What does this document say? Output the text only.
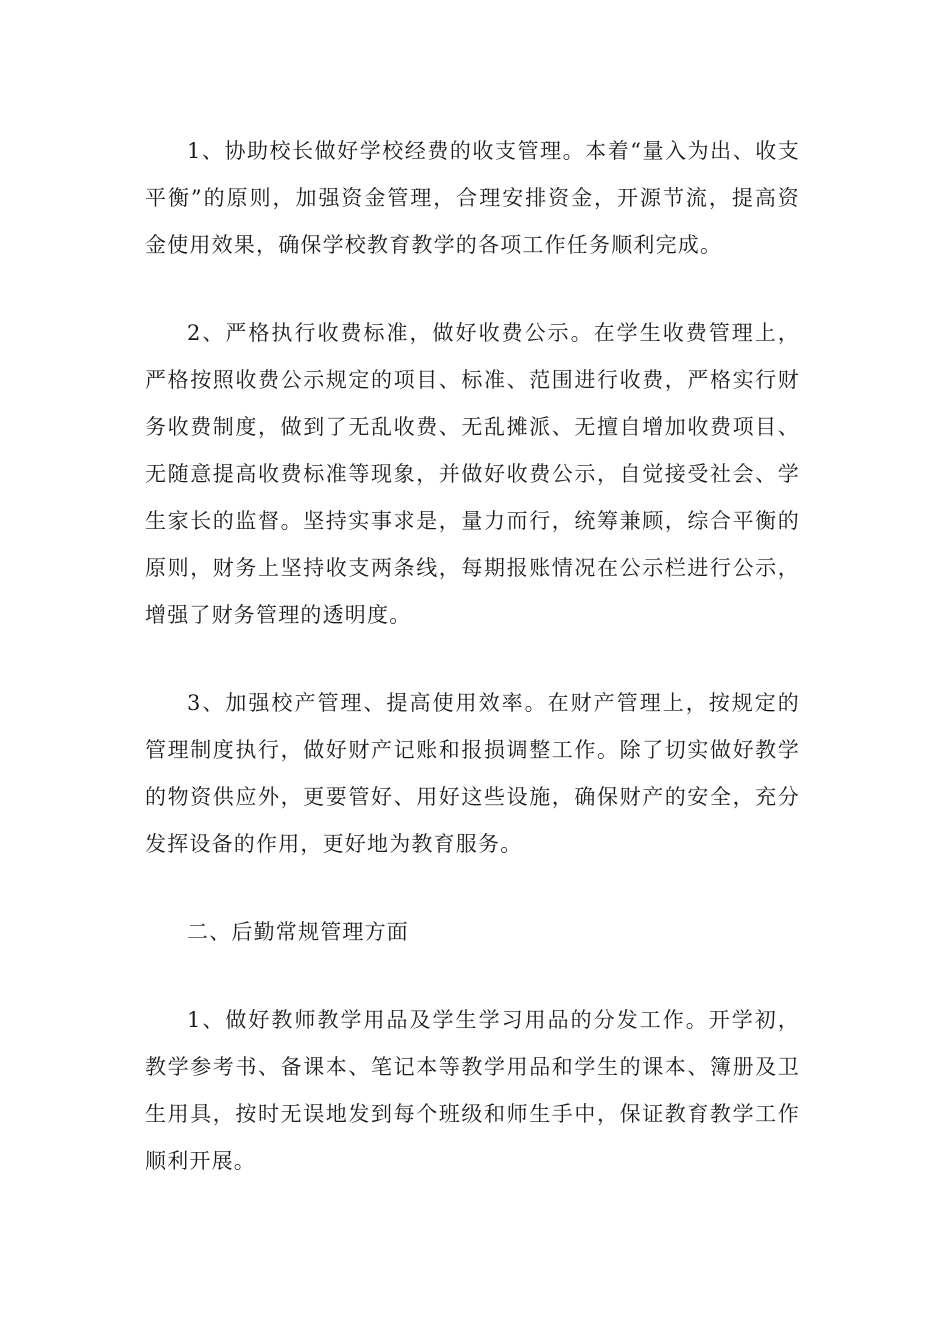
1、协助校长做好学校经费的收支管理。本着“量入为出、收支平衡”的原则，加强资金管理，合理安排资金，开源节流，提高资金使用效果，确保学校教育教学的各项工作任务顺利完成。

2、严格执行收费标准，做好收费公示。在学生收费管理上，严格按照收费公示规定的项目、标准、范围进行收费，严格实行财务收费制度，做到了无乱收费、无乱摊派、无擅自增加收费项目、无随意提高收费标准等现象，并做好收费公示，自觉接受社会、学生家长的监督。坚持实事求是，量力而行，统筹兼顾，综合平衡的原则，财务上坚持收支两条线，每期报账情况在公示栏进行公示，增强了财务管理的透明度。

3、加强校产管理、提高使用效率。在财产管理上，按规定的管理制度执行，做好财产记账和报损调整工作。除了切实做好教学的物资供应外，更要管好、用好这些设施，确保财产的安全，充分发挥设备的作用，更好地为教育服务。

二、后勤常规管理方面

1、做好教师教学用品及学生学习用品的分发工作。开学初，教学参考书、备课本、笔记本等教学用品和学生的课本、簿册及卫生用具，按时无误地发到每个班级和师生手中，保证教育教学工作顺利开展。
